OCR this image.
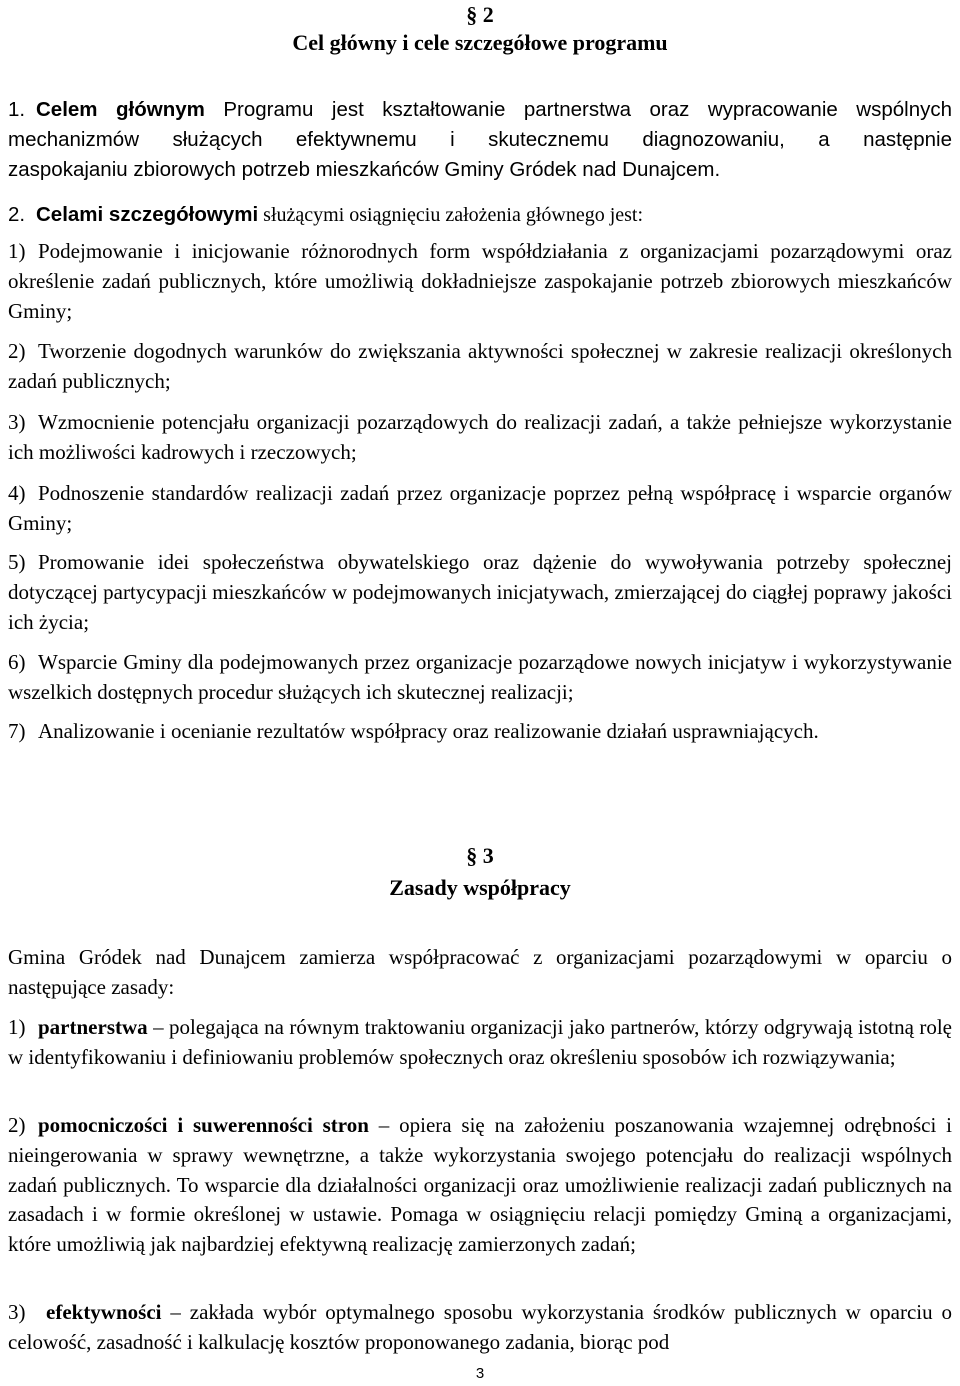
§ 2
Cel główny i cele szczegółowe programu
1. Celem głównym Programu jest kształtowanie partnerstwa oraz wypracowanie wspólnych
mechanizmów służących efektywnemu i skutecznemu diagnozowaniu, a następnie
zaspokajaniu zbiorowych potrzeb mieszkańców Gminy Gródek nad Dunajcem.
2. Celami szczegółowymi służącymi osiągnięciu założenia głównego jest:
1) Podejmowanie i inicjowanie różnorodnych form współdziałania z organizacjami pozarządowymi oraz określenie zadań publicznych, które umożliwią dokładniejsze zaspokajanie potrzeb zbiorowych mieszkańców Gminy;
2) Tworzenie dogodnych warunków do zwiększania aktywności społecznej w zakresie realizacji określonych zadań publicznych;
3) Wzmocnienie potencjału organizacji pozarządowych do realizacji zadań, a także pełniejsze wykorzystanie ich możliwości kadrowych i rzeczowych;
4) Podnoszenie standardów realizacji zadań przez organizacje poprzez pełną współpracę i wsparcie organów Gminy;
5) Promowanie idei społeczeństwa obywatelskiego oraz dążenie do wywoływania potrzeby społecznej dotyczącej partycypacji mieszkańców w podejmowanych inicjatywach, zmierzającej do ciągłej poprawy jakości ich życia;
6) Wsparcie Gminy dla podejmowanych przez organizacje pozarządowe nowych inicjatyw i wykorzystywanie wszelkich dostępnych procedur służących ich skutecznej realizacji;
7) Analizowanie i ocenianie rezultatów współpracy oraz realizowanie działań usprawniających.
§ 3
Zasady współpracy
Gmina Gródek nad Dunajcem zamierza współpracować z organizacjami pozarządowymi w oparciu o następujące zasady:
1) partnerstwa – polegająca na równym traktowaniu organizacji jako partnerów, którzy odgrywają istotną rolę w identyfikowaniu i definiowaniu problemów społecznych oraz określeniu sposobów ich rozwiązywania;
2) pomocniczości i suwerenności stron – opiera się na założeniu poszanowania wzajemnej odrębności i nieingerowania w sprawy wewnętrzne, a także wykorzystania swojego potencjału do realizacji wspólnych zadań publicznych. To wsparcie dla działalności organizacji oraz umożliwienie realizacji zadań publicznych na zasadach i w formie określonej w ustawie. Pomaga w osiągnięciu relacji pomiędzy Gminą a organizacjami, które umożliwią jak najbardziej efektywną realizację zamierzonych zadań;
3) efektywności – zakłada wybór optymalnego sposobu wykorzystania środków publicznych w oparciu o celowość, zasadność i kalkulację kosztów proponowanego zadania, biorąc pod
3
